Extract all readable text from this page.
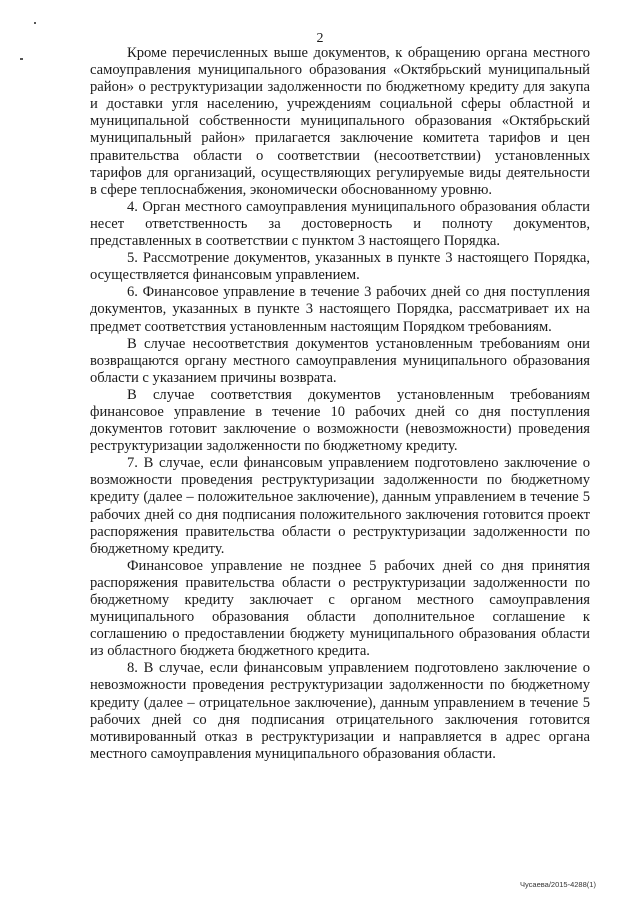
2

Кроме перечисленных выше документов, к обращению органа местного самоуправления муниципального образования «Октябрьский муниципальный район» о реструктуризации задолженности по бюджетному кредиту для закупа и доставки угля населению, учреждениям социальной сферы областной и муниципальной собственности муниципального образования «Октябрьский муниципальный район» прилагается заключение комитета тарифов и цен правительства области о соответствии (несоответствии) установленных тарифов для организаций, осуществляющих регулируемые виды деятельности в сфере теплоснабжения, экономически обоснованному уровню.

4. Орган местного самоуправления муниципального образования области несет ответственность за достоверность и полноту документов, представленных в соответствии с пунктом 3 настоящего Порядка.

5. Рассмотрение документов, указанных в пункте 3 настоящего Порядка, осуществляется финансовым управлением.

6. Финансовое управление в течение 3 рабочих дней со дня поступления документов, указанных в пункте 3 настоящего Порядка, рассматривает их на предмет соответствия установленным настоящим Порядком требованиям.

В случае несоответствия документов установленным требованиям они возвращаются органу местного самоуправления муниципального образования области с указанием причины возврата.

В случае соответствия документов установленным требованиям финансовое управление в течение 10 рабочих дней со дня поступления документов готовит заключение о возможности (невозможности) проведения реструктуризации задолженности по бюджетному кредиту.

7. В случае, если финансовым управлением подготовлено заключение о возможности проведения реструктуризации задолженности по бюджетному кредиту (далее – положительное заключение), данным управлением в течение 5 рабочих дней со дня подписания положительного заключения готовится проект распоряжения правительства области о реструктуризации задолженности по бюджетному кредиту.

Финансовое управление не позднее 5 рабочих дней со дня принятия распоряжения правительства области о реструктуризации задолженности по бюджетному кредиту заключает с органом местного самоуправления муниципального образования области дополнительное соглашение к соглашению о предоставлении бюджету муниципального образования области из областного бюджета бюджетного кредита.

8. В случае, если финансовым управлением подготовлено заключение о невозможности проведения реструктуризации задолженности по бюджетному кредиту (далее – отрицательное заключение), данным управлением в течение 5 рабочих дней со дня подписания отрицательного заключения готовится мотивированный отказ в реструктуризации и направляется в адрес органа местного самоуправления муниципального образования области.

Чусаева/2015-4288(1)
